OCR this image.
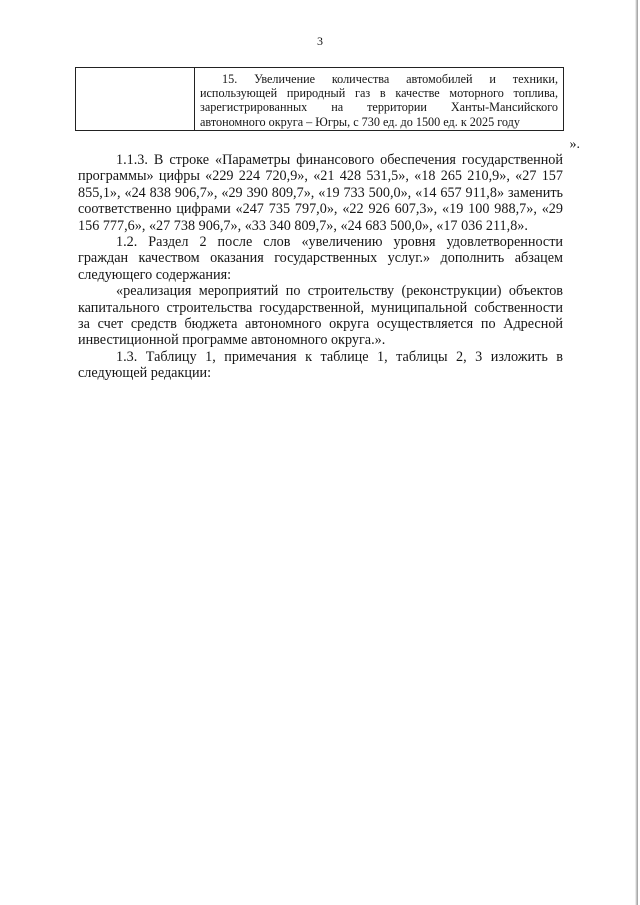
3

15. Увеличение количества автомобилей и техники, использующей природный газ в качестве моторного топлива, зарегистрированных на территории Ханты-Мансийского автономного округа – Югры, с 730 ед. до 1500 ед. к 2025 году

».

1.1.3. В строке «Параметры финансового обеспечения государственной программы» цифры «229 224 720,9», «21 428 531,5», «18 265 210,9», «27 157 855,1», «24 838 906,7», «29 390 809,7», «19 733 500,0», «14 657 911,8» заменить соответственно цифрами «247 735 797,0», «22 926 607,3», «19 100 988,7», «29 156 777,6», «27 738 906,7», «33 340 809,7», «24 683 500,0», «17 036 211,8».

1.2. Раздел 2 после слов «увеличению уровня удовлетворенности граждан качеством оказания государственных услуг.» дополнить абзацем следующего содержания:

«реализация мероприятий по строительству (реконструкции) объектов капитального строительства государственной, муниципальной собственности за счет средств бюджета автономного округа осуществляется по Адресной инвестиционной программе автономного округа.».

1.3. Таблицу 1, примечания к таблице 1, таблицы 2, 3 изложить в следующей редакции:
